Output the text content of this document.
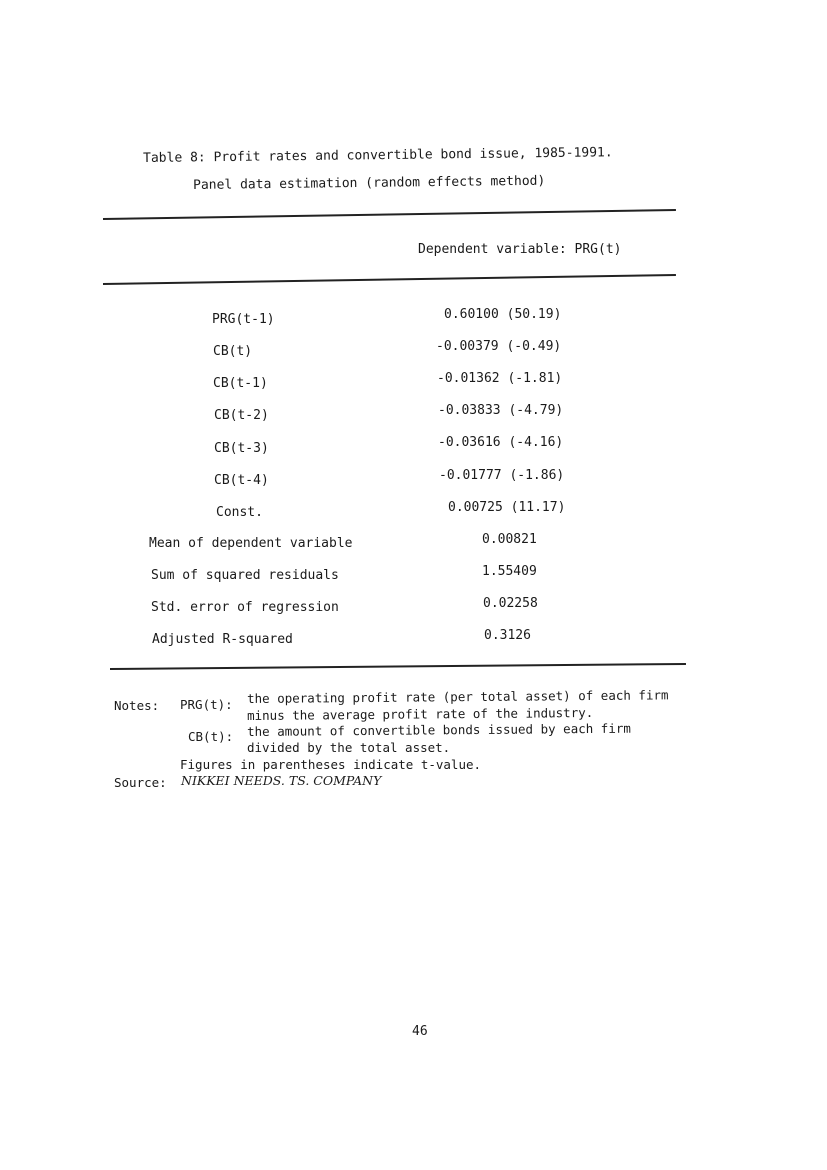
Table 8: Profit rates and convertible bond issue, 1985-1991.
Panel data estimation (random effects method)
Dependent variable: PRG(t)
PRG(t-1)	0.60100 (50.19)
CB(t)	-0.00379 (-0.49)
CB(t-1)	-0.01362 (-1.81)
CB(t-2)	-0.03833 (-4.79)
CB(t-3)	-0.03616 (-4.16)
CB(t-4)	-0.01777 (-1.86)
Const.	0.00725 (11.17)
Mean of dependent variable	0.00821
Sum of squared residuals	1.55409
Std. error of regression	0.02258
Adjusted R-squared	0.3126
Notes: PRG(t): the operating profit rate (per total asset) of each firm
minus the average profit rate of the industry.
CB(t): the amount of convertible bonds issued by each firm
divided by the total asset.
Figures in parentheses indicate t-value.
Source: NIKKEI NEEDS. TS. COMPANY
46
